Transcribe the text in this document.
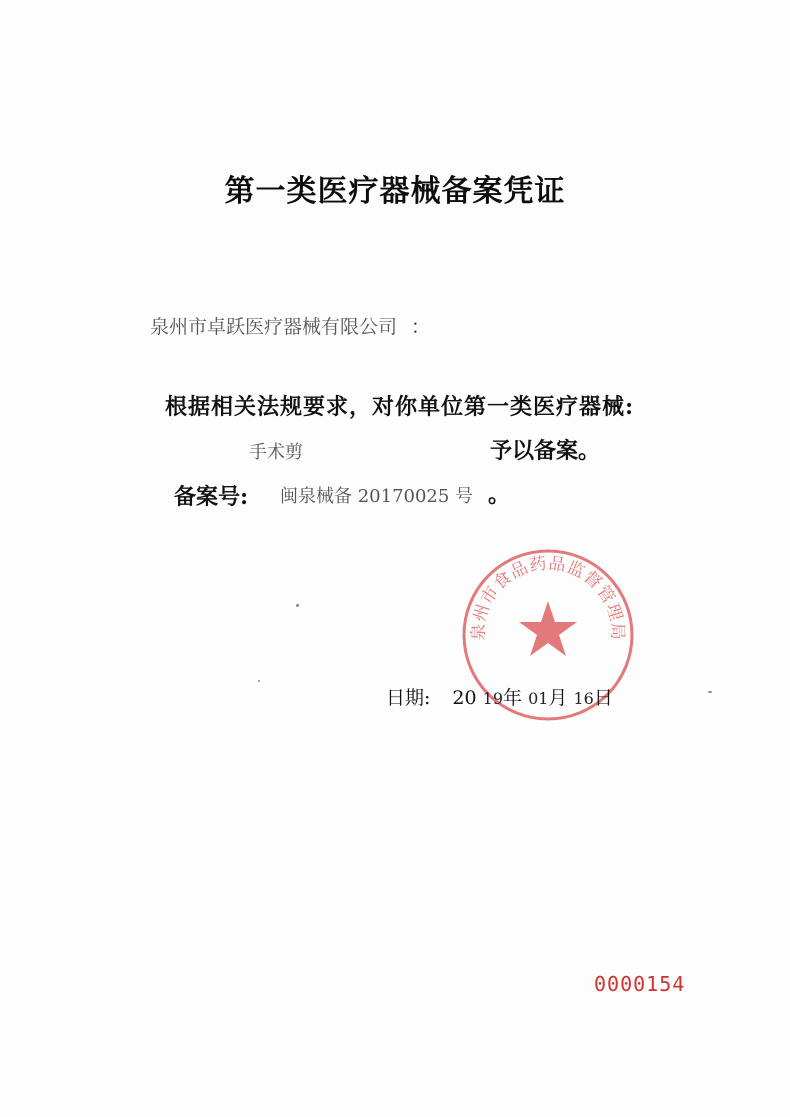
第一类医疗器械备案凭证
泉州市卓跃医疗器械有限公司 ：
根据相关法规要求，对你单位第一类医疗器械:
手术剪	予以备案。
备案号: 闽泉械备 20170025 号 。
泉州市食品药品监督管理局
日期: 20 19年 01月 16日
0000154
